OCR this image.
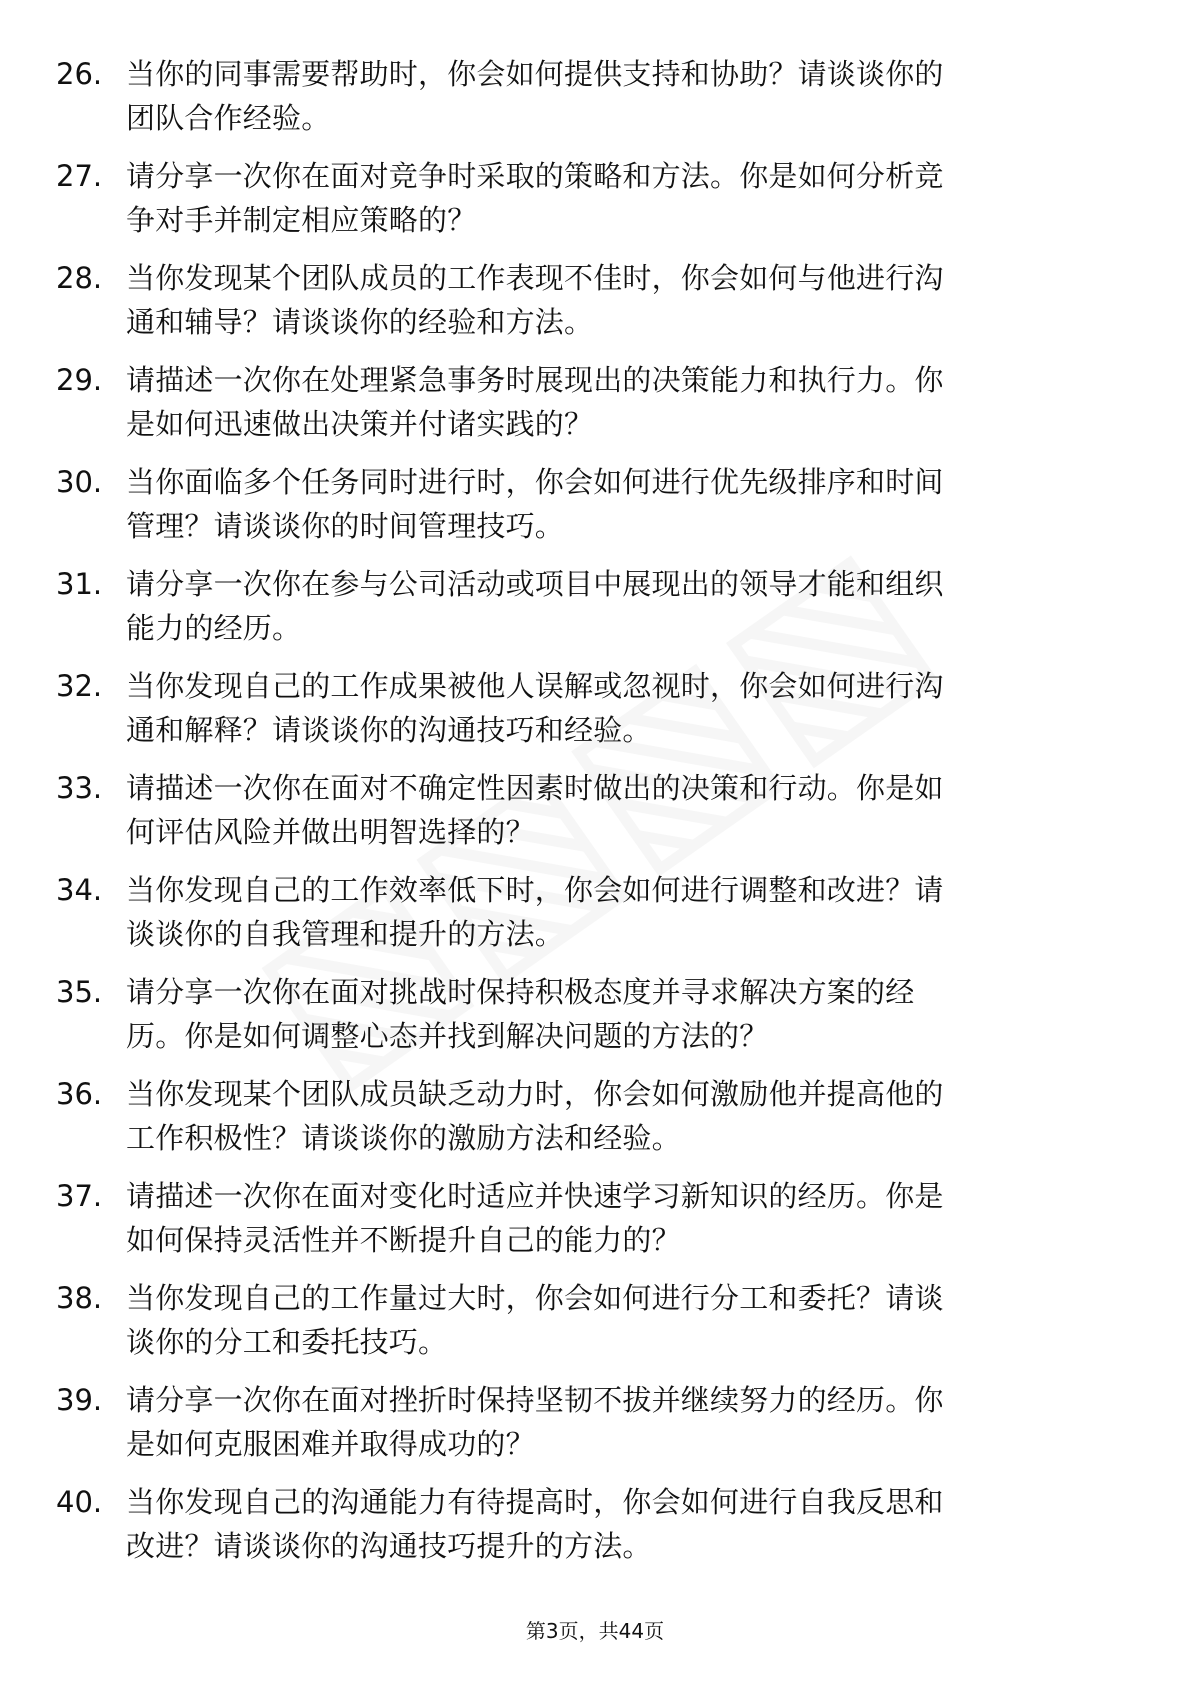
26. 当你的同事需要帮助时，你会如何提供支持和协助？请谈谈你的
团队合作经验。
27. 请分享一次你在面对竞争时采取的策略和方法。你是如何分析竞
争对手并制定相应策略的？
28. 当你发现某个团队成员的工作表现不佳时，你会如何与他进行沟
通和辅导？请谈谈你的经验和方法。
29. 请描述一次你在处理紧急事务时展现出的决策能力和执行力。你
是如何迅速做出决策并付诸实践的？
30. 当你面临多个任务同时进行时，你会如何进行优先级排序和时间
管理？请谈谈你的时间管理技巧。
31. 请分享一次你在参与公司活动或项目中展现出的领导才能和组织
能力的经历。
32. 当你发现自己的工作成果被他人误解或忽视时，你会如何进行沟
通和解释？请谈谈你的沟通技巧和经验。
33. 请描述一次你在面对不确定性因素时做出的决策和行动。你是如
何评估风险并做出明智选择的？
34. 当你发现自己的工作效率低下时，你会如何进行调整和改进？请
谈谈你的自我管理和提升的方法。
35. 请分享一次你在面对挑战时保持积极态度并寻求解决方案的经
历。你是如何调整心态并找到解决问题的方法的？
36. 当你发现某个团队成员缺乏动力时，你会如何激励他并提高他的
工作积极性？请谈谈你的激励方法和经验。
37. 请描述一次你在面对变化时适应并快速学习新知识的经历。你是
如何保持灵活性并不断提升自己的能力的？
38. 当你发现自己的工作量过大时，你会如何进行分工和委托？请谈
谈你的分工和委托技巧。
39. 请分享一次你在面对挫折时保持坚韧不拔并继续努力的经历。你
是如何克服困难并取得成功的？
40. 当你发现自己的沟通能力有待提高时，你会如何进行自我反思和
改进？请谈谈你的沟通技巧提升的方法。
第3页，共44页
